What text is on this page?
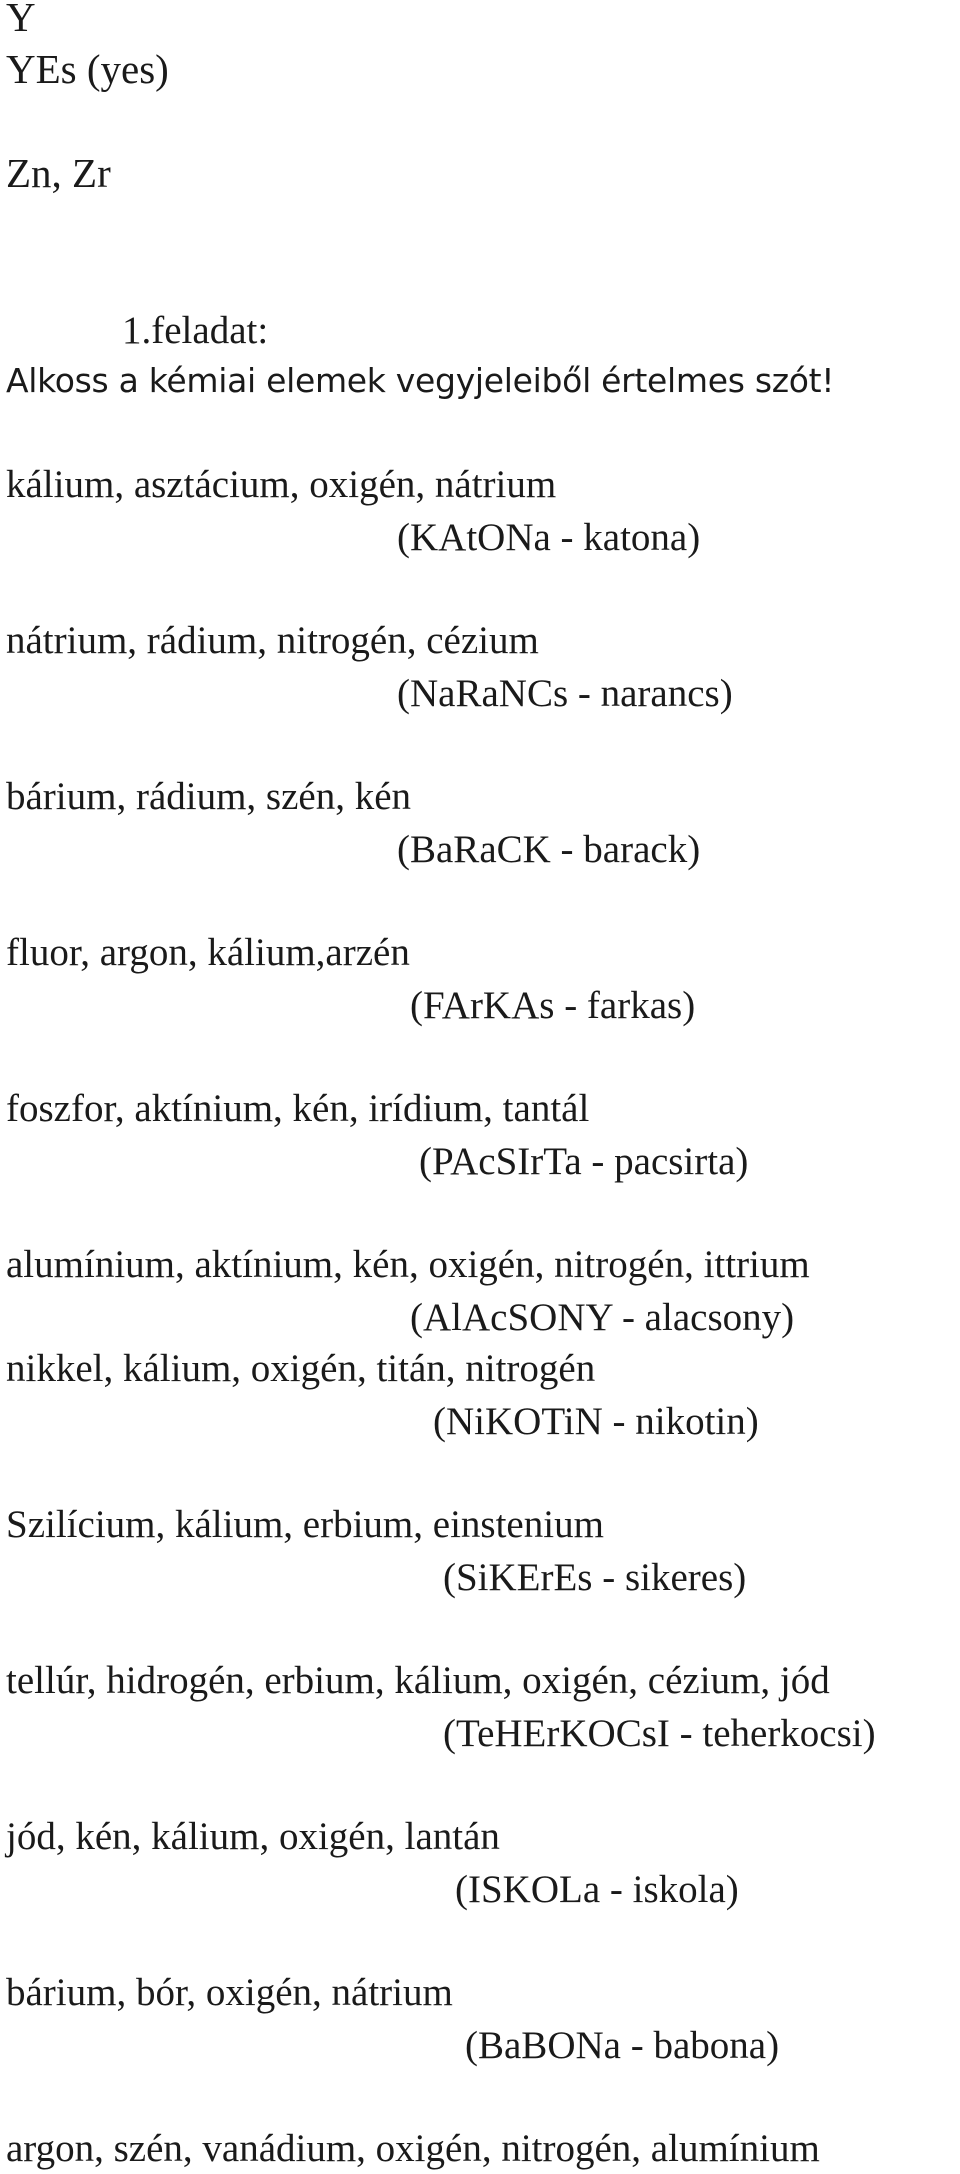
Y

YEs (yes)

Zn, Zr

1.feladat:

Alkoss a kémiai elemek vegyjeleiből értelmes szót!

kálium, asztácium, oxigén, nátrium

(KAtONa - katona)

nátrium, rádium, nitrogén, cézium

(NaRaNCs - narancs)

bárium, rádium, szén, kén

(BaRaCK - barack)

fluor, argon, kálium,arzén

(FArKAs - farkas)

foszfor, aktínium, kén, irídium, tantál

(PAcSIrTa - pacsirta)

alumínium, aktínium, kén, oxigén, nitrogén, ittrium

(AlAcSONY - alacsony)

nikkel, kálium, oxigén, titán, nitrogén

(NiKOTiN - nikotin)

Szilícium, kálium, erbium, einstenium

(SiKErEs - sikeres)

tellúr, hidrogén, erbium, kálium, oxigén, cézium, jód

(TeHErKOCsI - teherkocsi)

jód, kén, kálium, oxigén, lantán

(ISKOLa - iskola)

bárium, bór, oxigén, nátrium

(BaBONa - babona)

argon, szén, vanádium, oxigén, nitrogén, alumínium
